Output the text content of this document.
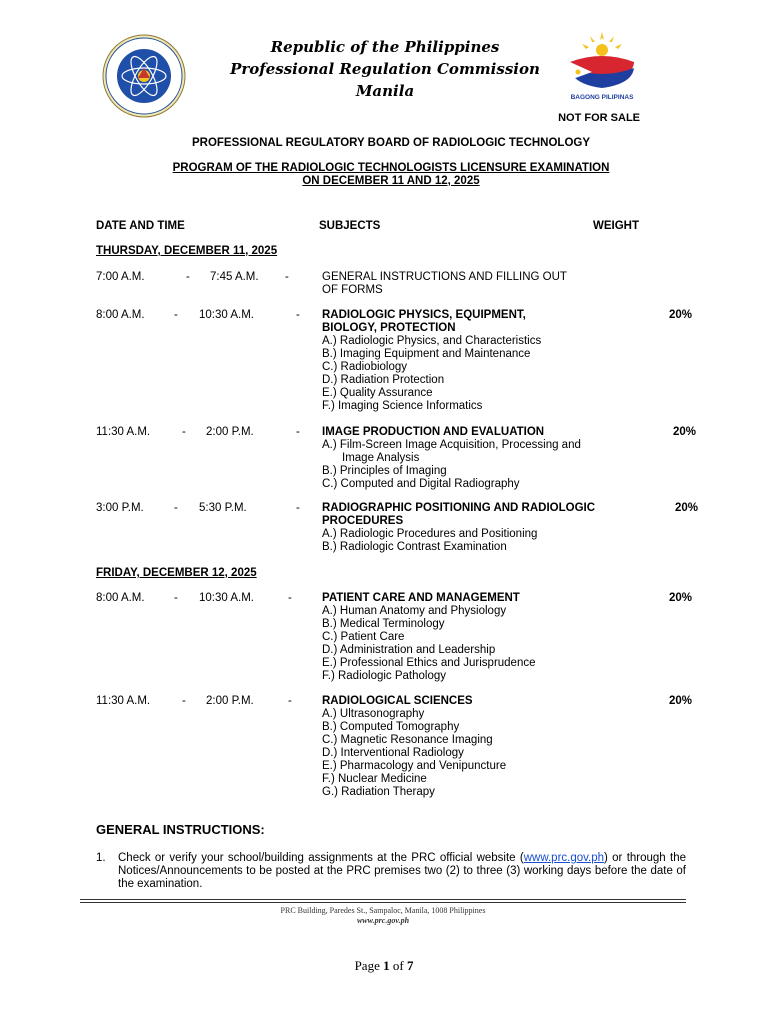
Republic of the Philippines
Professional Regulation Commission
Manila	BAGONG PILIPINAS
NOT FOR SALE
PROFESSIONAL REGULATORY BOARD OF RADIOLOGIC TECHNOLOGY
PROGRAM OF THE RADIOLOGIC TECHNOLOGISTS LICENSURE EXAMINATION
ON DECEMBER 11 AND 12, 2025
DATE AND TIME	SUBJECTS	WEIGHT
THURSDAY, DECEMBER 11, 2025
7:00 A.M.	- 7:45 A.M. -	GENERAL INSTRUCTIONS AND FILLING OUT
OF FORMS
8:00 A.M.	- 10:30 A.M.	- RADIOLOGIC PHYSICS, EQUIPMENT,
BIOLOGY, PROTECTION
A.) Radiologic Physics, and Characteristics
B.) Imaging Equipment and Maintenance
C.) Radiobiology
D.) Radiation Protection
E.) Quality Assurance
F.) Imaging Science Informatics
20%
11:30 A.M.	- 2:00 P.M.	- IMAGE PRODUCTION AND EVALUATION
A.) Film-Screen Image Acquisition, Processing and
Image Analysis
B.) Principles of Imaging
C.) Computed and Digital Radiography
20%
3:00 P.M.	- 5:30 P.M.	- RADIOGRAPHIC POSITIONING AND RADIOLOGIC
PROCEDURES
A.) Radiologic Procedures and Positioning
B.) Radiologic Contrast Examination
20%
FRIDAY, DECEMBER 12, 2025
8:00 A.M.	- 10:30 A.M.	-	PATIENT CARE AND MANAGEMENT
A.) Human Anatomy and Physiology
B.) Medical Terminology
C.) Patient Care
D.) Administration and Leadership
E.) Professional Ethics and Jurisprudence
F.) Radiologic Pathology
20%
11:30 A.M.	- 2:00 P.M.	-	RADIOLOGICAL SCIENCES
A.) Ultrasonography
B.) Computed Tomography
C.) Magnetic Resonance Imaging
D.) Interventional Radiology
E.) Pharmacology and Venipuncture
F.) Nuclear Medicine
G.) Radiation Therapy
20%
GENERAL INSTRUCTIONS:
1. Check or verify your school/building assignments at the PRC official website (www.prc.gov.ph) or through the Notices/Announcements to be posted at the PRC premises two (2) to three (3) working days before the date of the examination.
PRC Building, Paredes St., Sampaloc, Manila, 1008 Philippines
www.prc.gov.ph
Page 1 of 7
